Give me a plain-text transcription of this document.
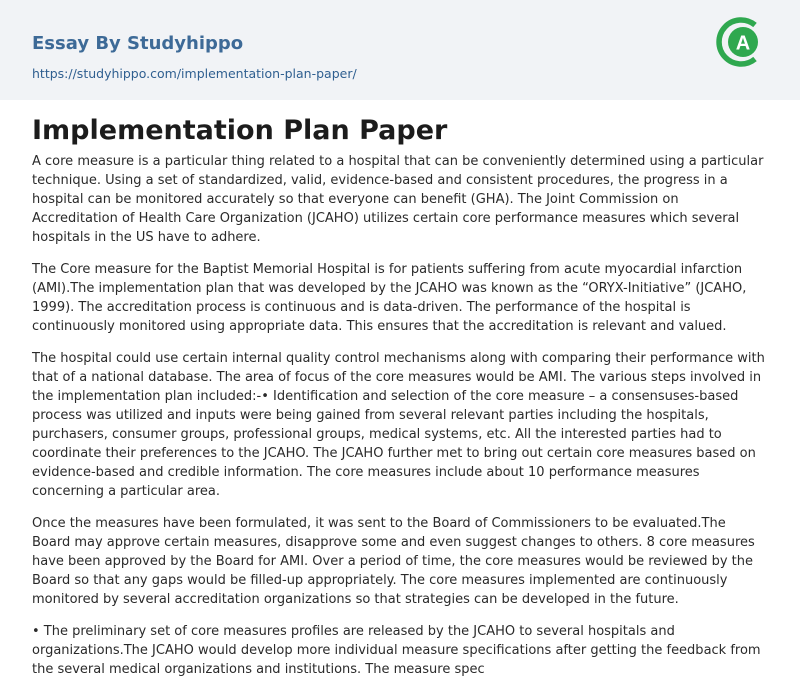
Essay By Studyhippo
https://studyhippo.com/implementation-plan-paper/
A
Implementation Plan Paper

A core measure is a particular thing related to a hospital that can be conveniently determined using a particular technique. Using a set of standardized, valid, evidence-based and consistent procedures, the progress in a hospital can be monitored accurately so that everyone can benefit (GHA). The Joint Commission on Accreditation of Health Care Organization (JCAHO) utilizes certain core performance measures which several hospitals in the US have to adhere.

The Core measure for the Baptist Memorial Hospital is for patients suffering from acute myocardial infarction (AMI).The implementation plan that was developed by the JCAHO was known as the “ORYX-Initiative” (JCAHO, 1999). The accreditation process is continuous and is data-driven. The performance of the hospital is continuously monitored using appropriate data. This ensures that the accreditation is relevant and valued.

The hospital could use certain internal quality control mechanisms along with comparing their performance with that of a national database. The area of focus of the core measures would be AMI. The various steps involved in the implementation plan included:-• Identification and selection of the core measure – a consensuses-based process was utilized and inputs were being gained from several relevant parties including the hospitals, purchasers, consumer groups, professional groups, medical systems, etc. All the interested parties had to coordinate their preferences to the JCAHO. The JCAHO further met to bring out certain core measures based on evidence-based and credible information. The core measures include about 10 performance measures concerning a particular area.

Once the measures have been formulated, it was sent to the Board of Commissioners to be evaluated.The Board may approve certain measures, disapprove some and even suggest changes to others. 8 core measures have been approved by the Board for AMI. Over a period of time, the core measures would be reviewed by the Board so that any gaps would be filled-up appropriately. The core measures implemented are continuously monitored by several accreditation organizations so that strategies can be developed in the future.

• The preliminary set of core measures profiles are released by the JCAHO to several hospitals and organizations.The JCAHO would develop more individual measure specifications after getting the feedback from the several medical organizations and institutions. The measure spec
